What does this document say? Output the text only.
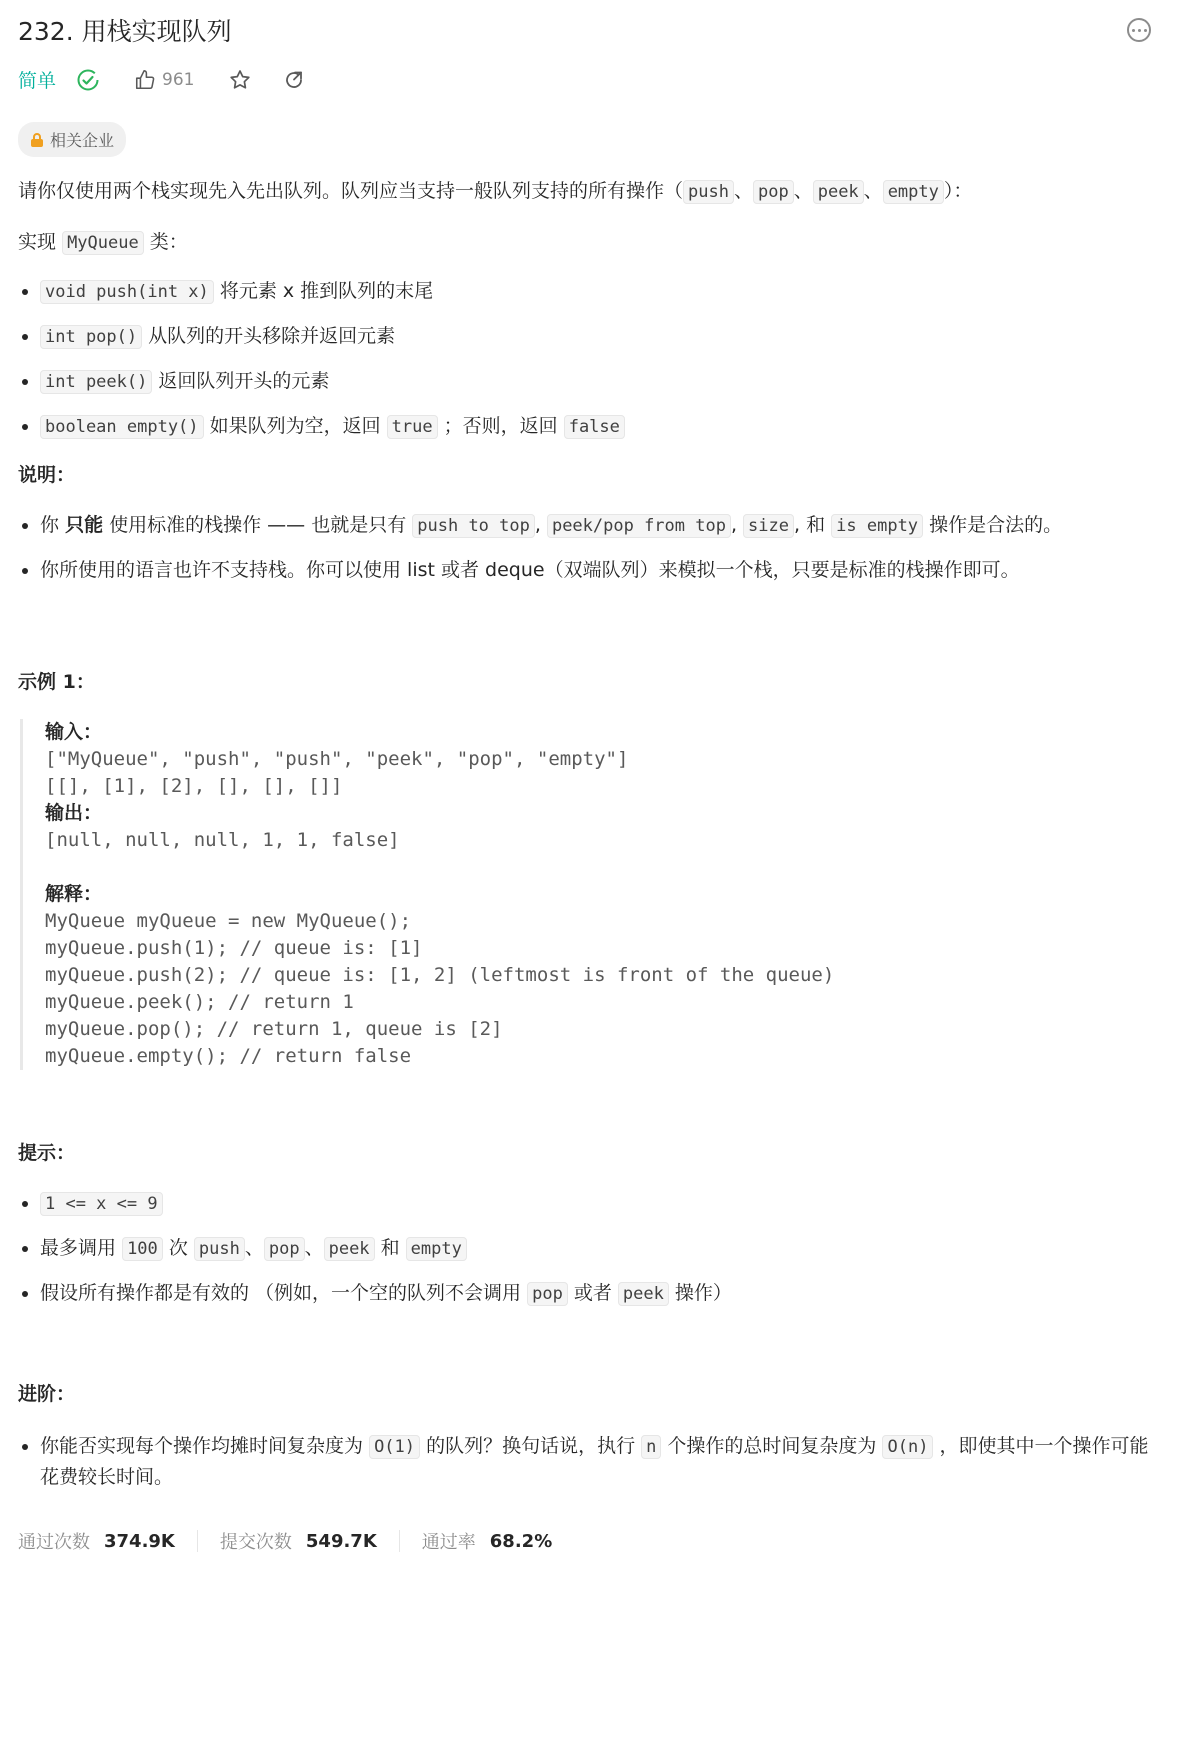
232. 用栈实现队列
简单	961
相关企业

请你仅使用两个栈实现先入先出队列。队列应当支持一般队列支持的所有操作（ push 、 pop 、 peek 、 empty ）：

实现 MyQueue 类：

• void push(int x) 将元素 x 推到队列的末尾
• int pop() 从队列的开头移除并返回元素
• int peek() 返回队列开头的元素
• boolean empty() 如果队列为空，返回 true ；否则，返回 false

说明：

• 你 只能 使用标准的栈操作 —— 也就是只有 push to top , peek/pop from top , size , 和 is empty 操作是合法的。
• 你所使用的语言也许不支持栈。你可以使用 list 或者 deque（双端队列）来模拟一个栈，只要是标准的栈操作即可。

示例 1：

输入：
["MyQueue", "push", "push", "peek", "pop", "empty"]
[[], [1], [2], [], [], []]
输出：
[null, null, null, 1, 1, false]
解释：
MyQueue myQueue = new MyQueue();
myQueue.push(1); // queue is: [1]
myQueue.push(2); // queue is: [1, 2] (leftmost is front of the queue)
myQueue.peek(); // return 1
myQueue.pop(); // return 1, queue is [2]
myQueue.empty(); // return false

提示：

• 1 <= x <= 9
• 最多调用 100 次 push 、 pop 、 peek 和 empty
• 假设所有操作都是有效的 （例如，一个空的队列不会调用 pop 或者 peek 操作）

进阶：

• 你能否实现每个操作均摊时间复杂度为 O(1) 的队列？换句话说，执行 n 个操作的总时间复杂度为 O(n) ，即使其中一个操作可能花费较长时间。
通过次数 374.9K	提交次数 549.7K	通过率 68.2%
